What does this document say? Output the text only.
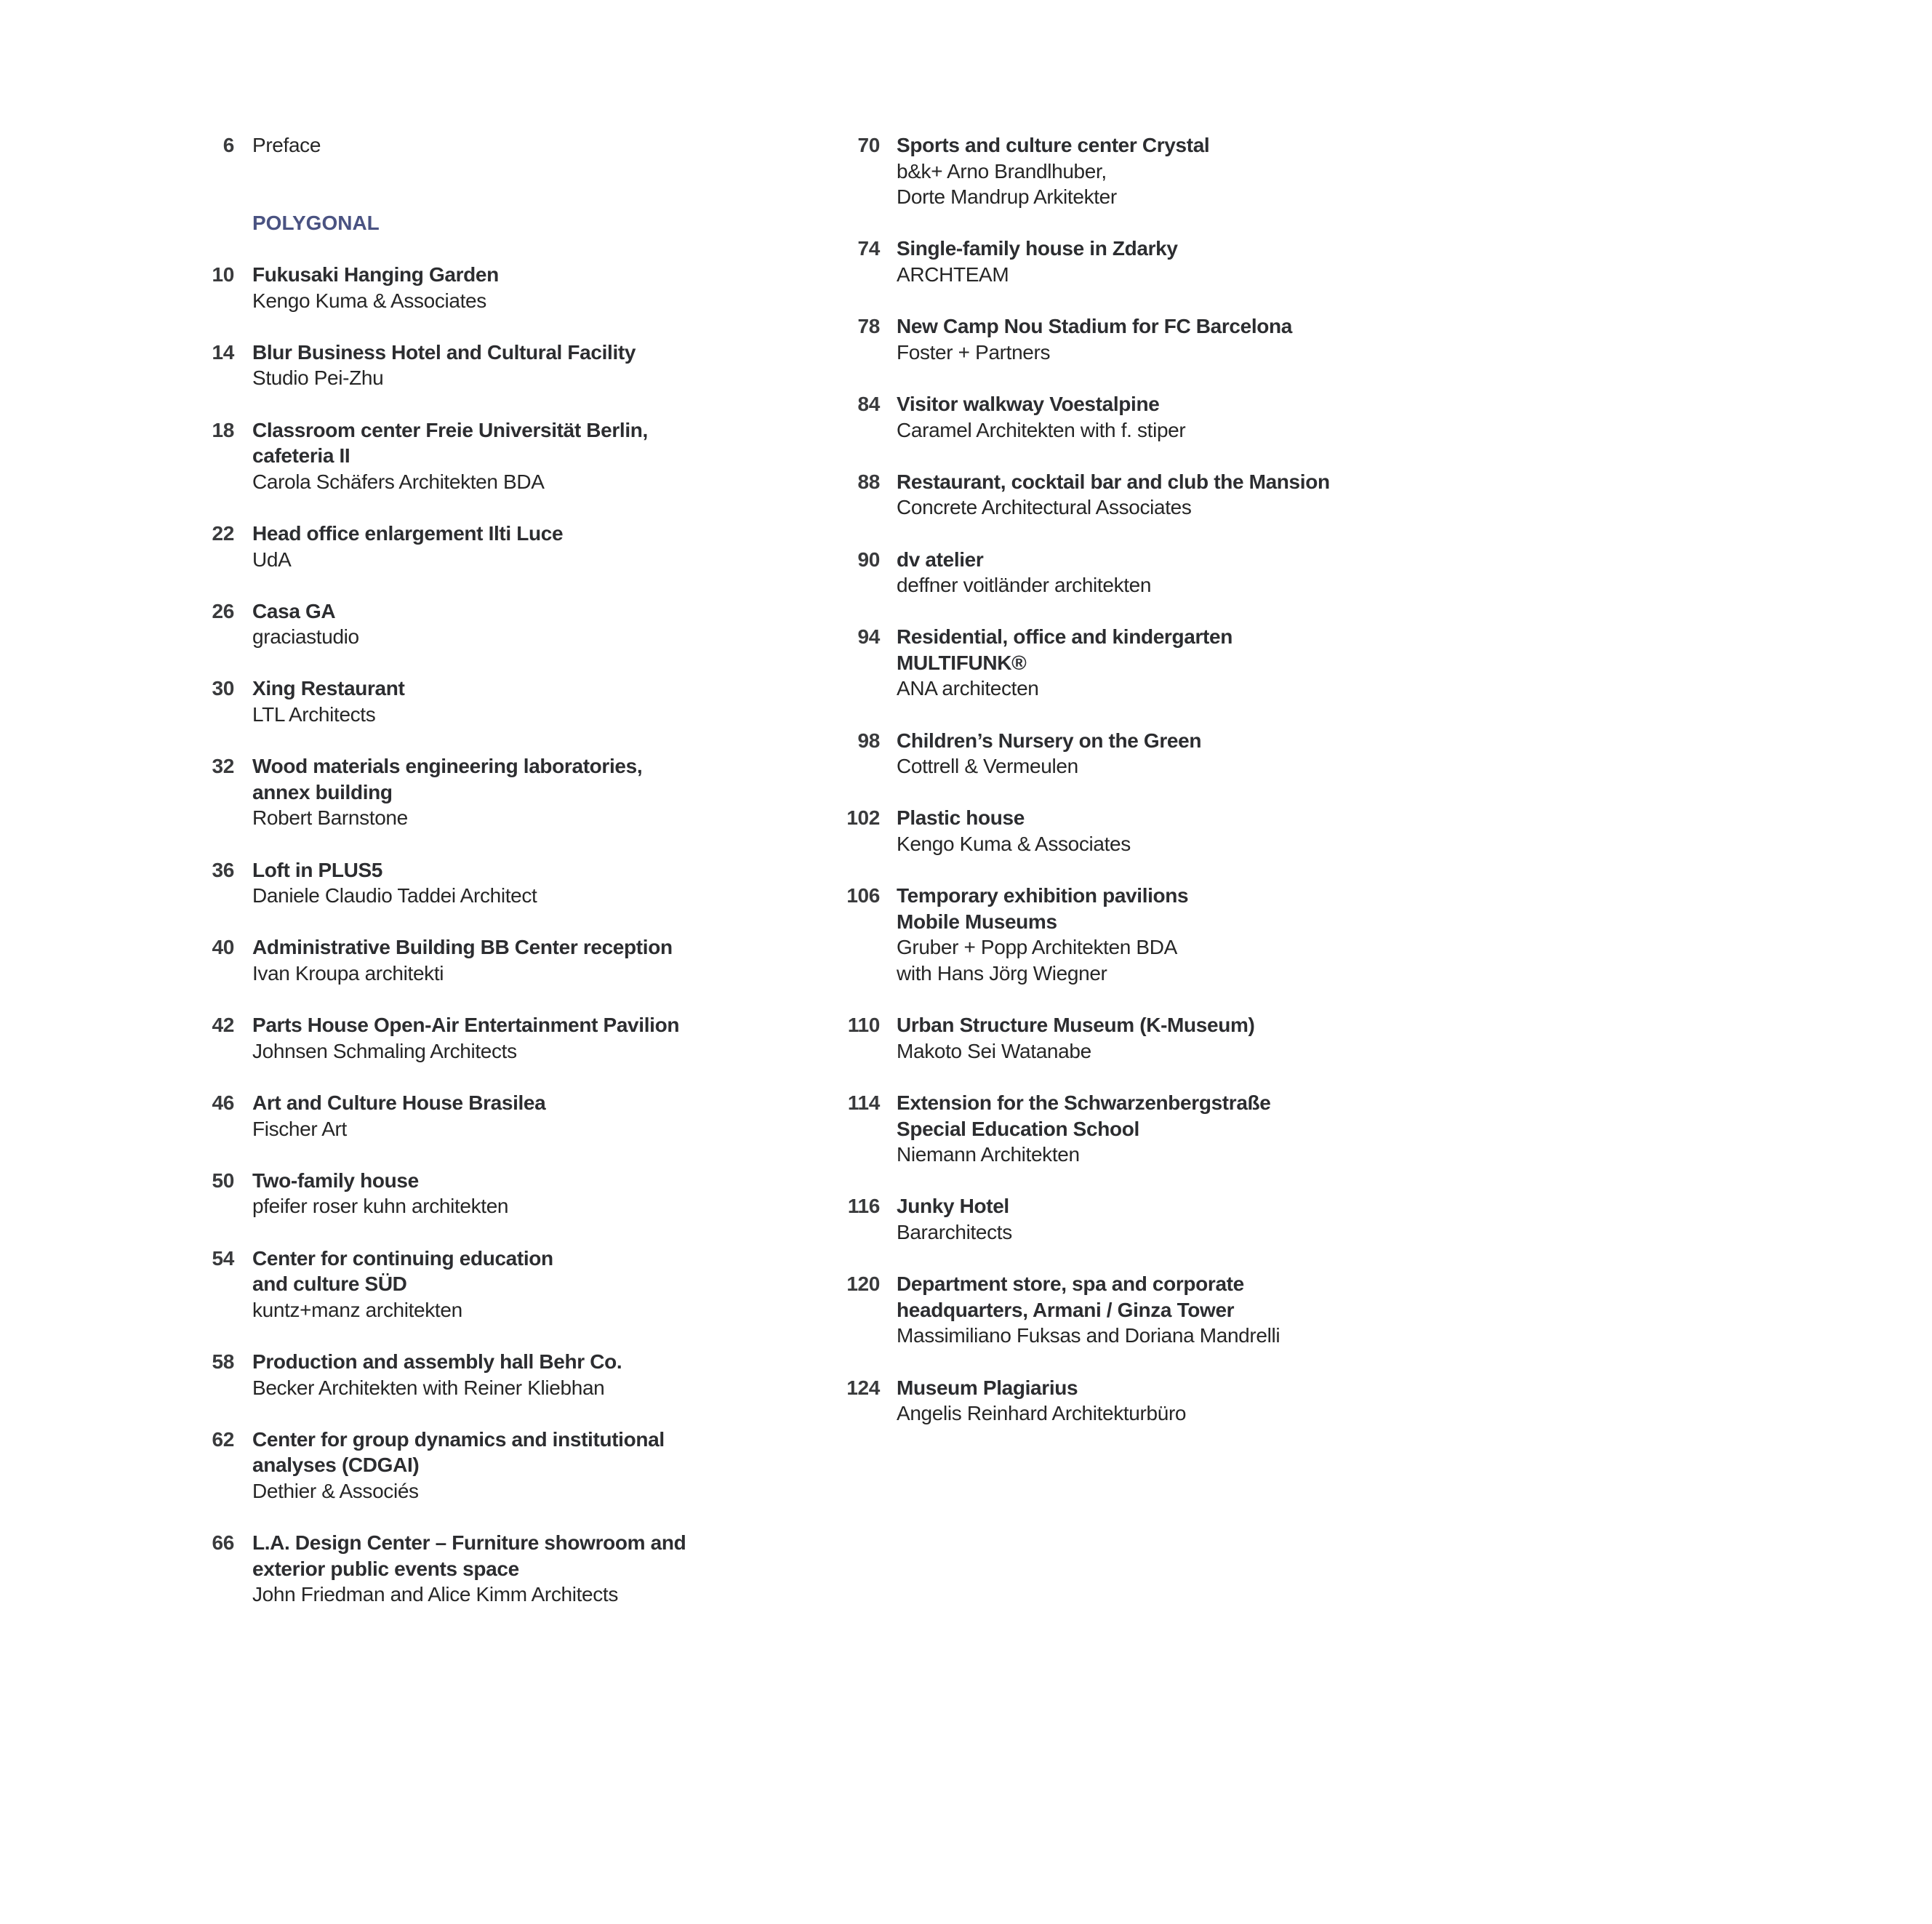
6 Preface
POLYGONAL
10 Fukusaki Hanging Garden
Kengo Kuma & Associates
14 Blur Business Hotel and Cultural Facility
Studio Pei-Zhu
18 Classroom center Freie Universität Berlin,
cafeteria II
Carola Schäfers Architekten BDA
22 Head office enlargement Ilti Luce
UdA
26 Casa GA
graciastudio
30 Xing Restaurant
LTL Architects
32 Wood materials engineering laboratories,
annex building
Robert Barnstone
36 Loft in PLUS5
Daniele Claudio Taddei Architect
40 Administrative Building BB Center reception
Ivan Kroupa architekti
42 Parts House Open-Air Entertainment Pavilion
Johnsen Schmaling Architects
46 Art and Culture House Brasilea
Fischer Art
50 Two-family house
pfeifer roser kuhn architekten
54 Center for continuing education
and culture SÜD
kuntz+manz architekten
58 Production and assembly hall Behr Co.
Becker Architekten with Reiner Kliebhan
62 Center for group dynamics and institutional
analyses (CDGAI)
Dethier & Associés
66 L.A. Design Center – Furniture showroom and
exterior public events space
John Friedman and Alice Kimm Architects
70 Sports and culture center Crystal
b&k+ Arno Brandlhuber,
Dorte Mandrup Arkitekter
74 Single-family house in Zdarky
ARCHTEAM
78 New Camp Nou Stadium for FC Barcelona
Foster + Partners
84 Visitor walkway Voestalpine
Caramel Architekten with f. stiper
88 Restaurant, cocktail bar and club the Mansion
Concrete Architectural Associates
90 dv atelier
deffner voitländer architekten
94 Residential, office and kindergarten
MULTIFUNK®
ANA architecten
98 Children’s Nursery on the Green
Cottrell & Vermeulen
102 Plastic house
Kengo Kuma & Associates
106 Temporary exhibition pavilions
Mobile Museums
Gruber + Popp Architekten BDA
with Hans Jörg Wiegner
110 Urban Structure Museum (K-Museum)
Makoto Sei Watanabe
114 Extension for the Schwarzenbergstraße
Special Education School
Niemann Architekten
116 Junky Hotel
Bararchitects
120 Department store, spa and corporate
headquarters, Armani / Ginza Tower
Massimiliano Fuksas and Doriana Mandrelli
124 Museum Plagiarius
Angelis Reinhard Architekturbüro
